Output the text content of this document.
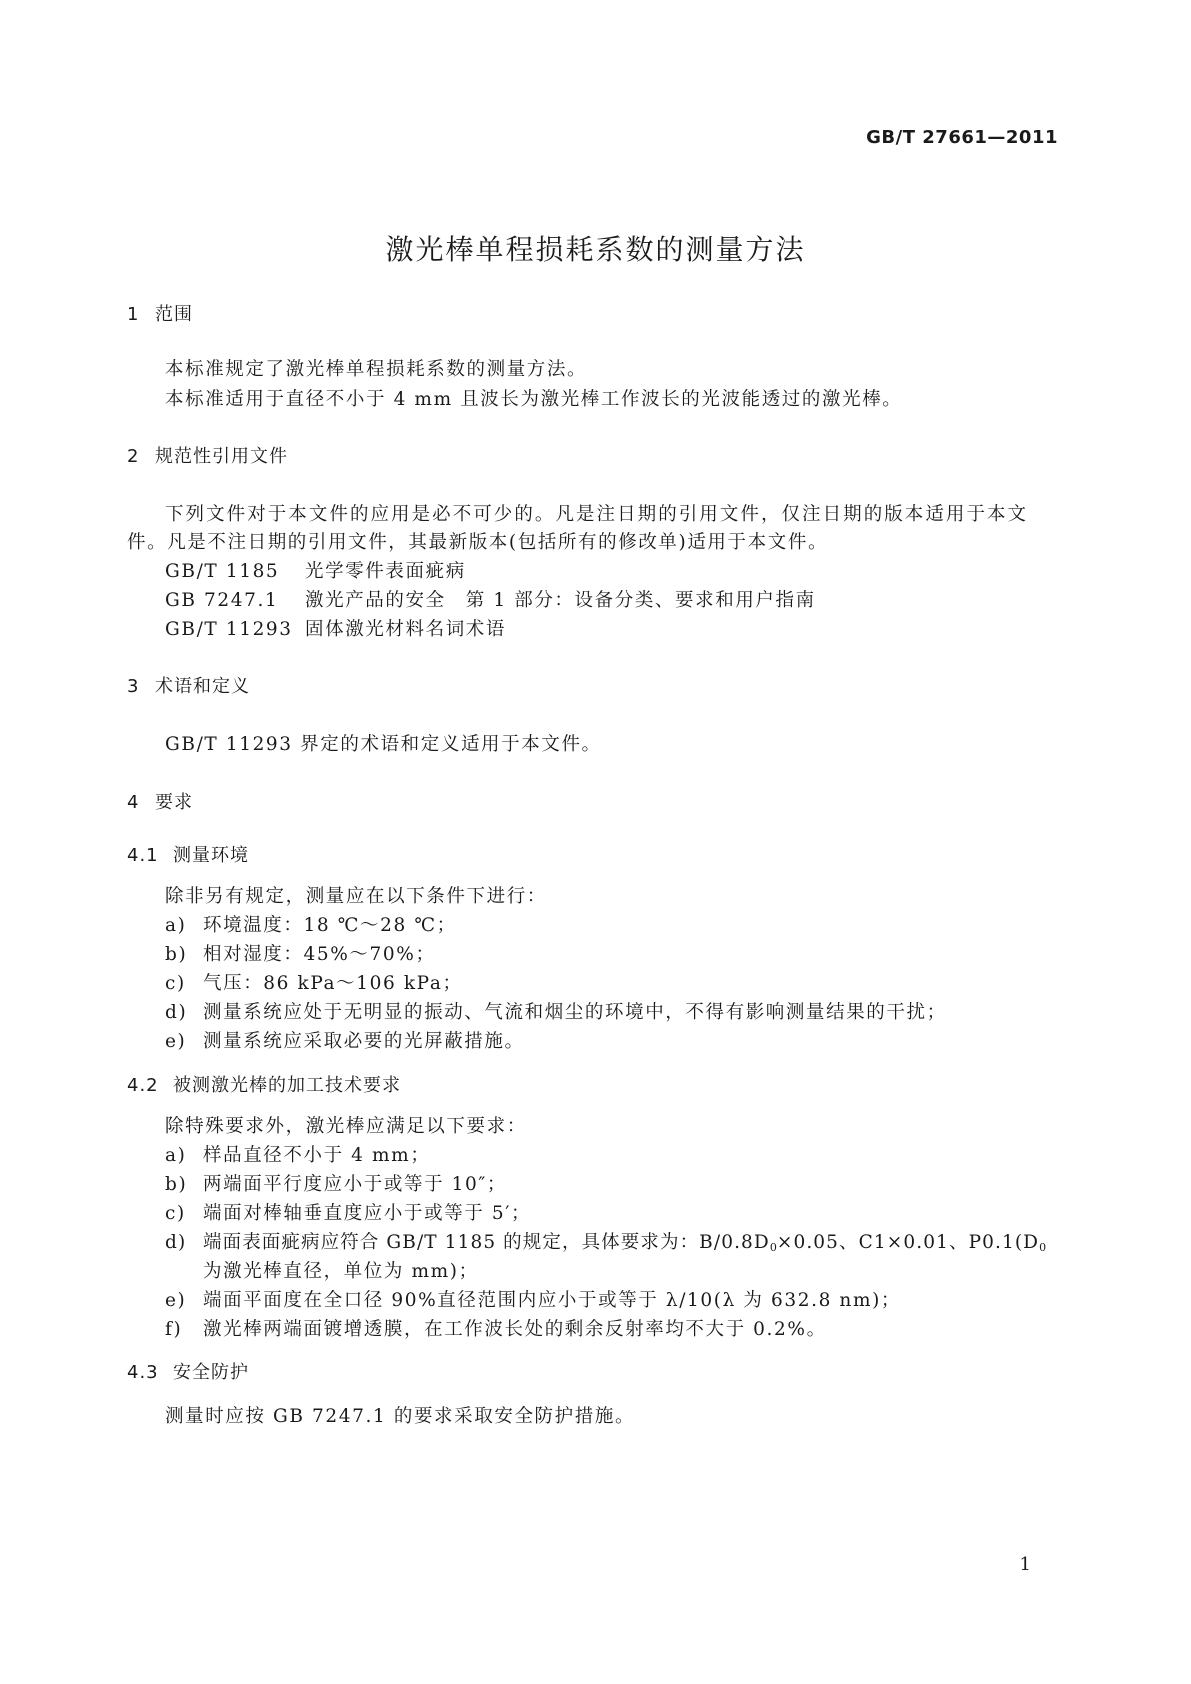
GB/T 27661—2011
激光棒单程损耗系数的测量方法
1 范围
本标准规定了激光棒单程损耗系数的测量方法。
本标准适用于直径不小于 4 mm 且波长为激光棒工作波长的光波能透过的激光棒。
2 规范性引用文件
下列文件对于本文件的应用是必不可少的。凡是注日期的引用文件，仅注日期的版本适用于本文
件。凡是不注日期的引用文件，其最新版本(包括所有的修改单)适用于本文件。
GB/T 1185 光学零件表面疵病
GB 7247.1 激光产品的安全　第 1 部分：设备分类、要求和用户指南
GB/T 11293 固体激光材料名词术语
3 术语和定义
GB/T 11293 界定的术语和定义适用于本文件。
4 要求
4.1 测量环境
除非另有规定，测量应在以下条件下进行：
a) 环境温度：18 ℃～28 ℃；
b) 相对湿度：45%～70%；
c) 气压：86 kPa～106 kPa；
d) 测量系统应处于无明显的振动、气流和烟尘的环境中，不得有影响测量结果的干扰；
e) 测量系统应采取必要的光屏蔽措施。
4.2 被测激光棒的加工技术要求
除特殊要求外，激光棒应满足以下要求：
a) 样品直径不小于 4 mm；
b) 两端面平行度应小于或等于 10″；
c) 端面对棒轴垂直度应小于或等于 5′；
d) 端面表面疵病应符合 GB/T 1185 的规定，具体要求为：$B/0.8D_0\times 0.05$、C1×0.01、$P0.1(D_0$
为激光棒直径，单位为 mm)；
e) 端面平面度在全口径 90%直径范围内应小于或等于 λ/10(λ 为 632.8 nm)；
f) 激光棒两端面镀增透膜，在工作波长处的剩余反射率均不大于 0.2%。
4.3 安全防护
测量时应按 GB 7247.1 的要求采取安全防护措施。
1
